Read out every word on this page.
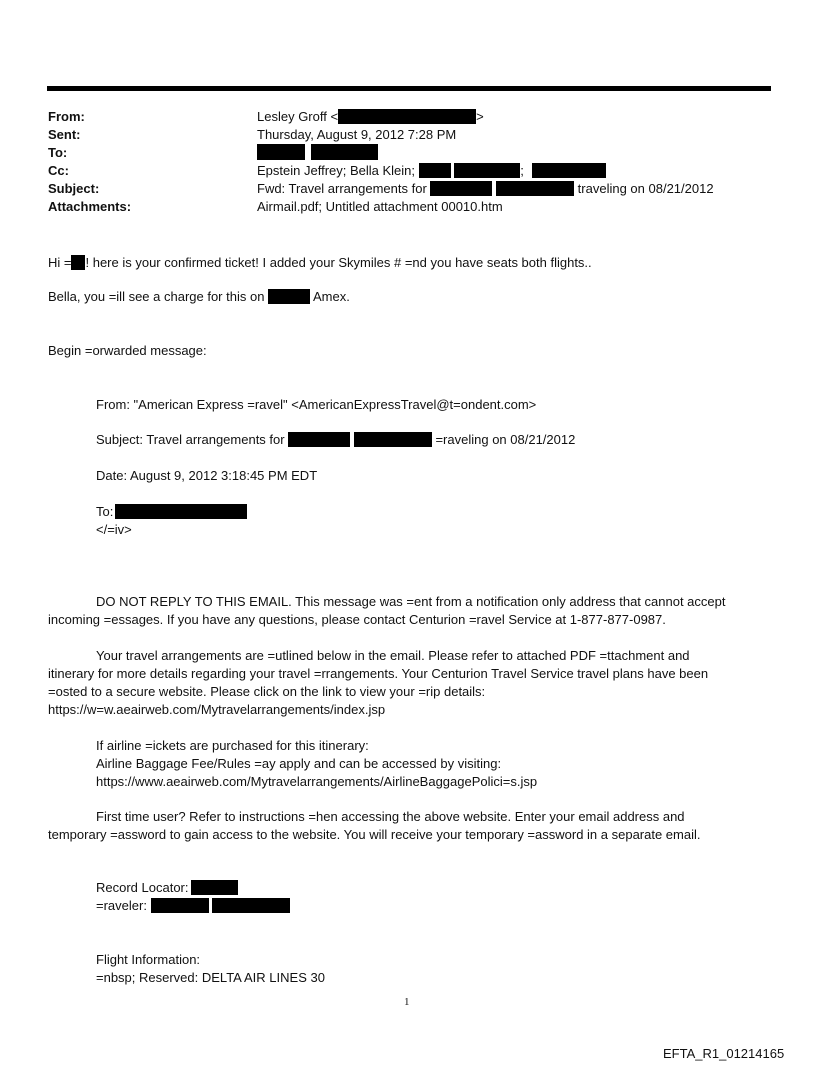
From:	Lesley Groff <	>
Sent:	Thursday, August 9, 2012 7:28 PM
To:

Cc:	Epstein Jeffrey; Bella Klein;	;
Subject:	Fwd: Travel arrangements for	traveling on 08/21/2012
Attachments:	Airmail.pdf; Untitled attachment 00010.htm
Hi = ! here is your confirmed ticket! I added your Skymiles # =nd you have seats both flights..
Bella, you =ill see a charge for this on	Amex.
Begin =orwarded message:
From: "American Express =ravel" <AmericanExpressTravel@t=ondent.com>
Subject: Travel arrangements for	=raveling on 08/21/2012
Date: August 9, 2012 3:18:45 PM EDT
To:
</=iv>
DO NOT REPLY TO THIS EMAIL. This message was =ent from a notification only address that cannot accept
incoming =essages. If you have any questions, please contact Centurion =ravel Service at 1-877-877-0987.
Your travel arrangements are =utlined below in the email. Please refer to attached PDF =ttachment and
itinerary for more details regarding your travel =rrangements. Your Centurion Travel Service travel plans have been
=osted to a secure website. Please click on the link to view your =rip details:
https://w=w.aeairweb.com/Mytravelarrangements/index.jsp
If airline =ickets are purchased for this itinerary:
Airline Baggage Fee/Rules =ay apply and can be accessed by visiting:
https://www.aeairweb.com/Mytravelarrangements/AirlineBaggagePolici=s.jsp
First time user? Refer to instructions =hen accessing the above website. Enter your email address and
temporary =assword to gain access to the website. You will receive your temporary =assword in a separate email.
Record Locator:
=raveler:
Flight Information:
=nbsp; Reserved: DELTA AIR LINES 30
1
EFTA_R1_01214165
